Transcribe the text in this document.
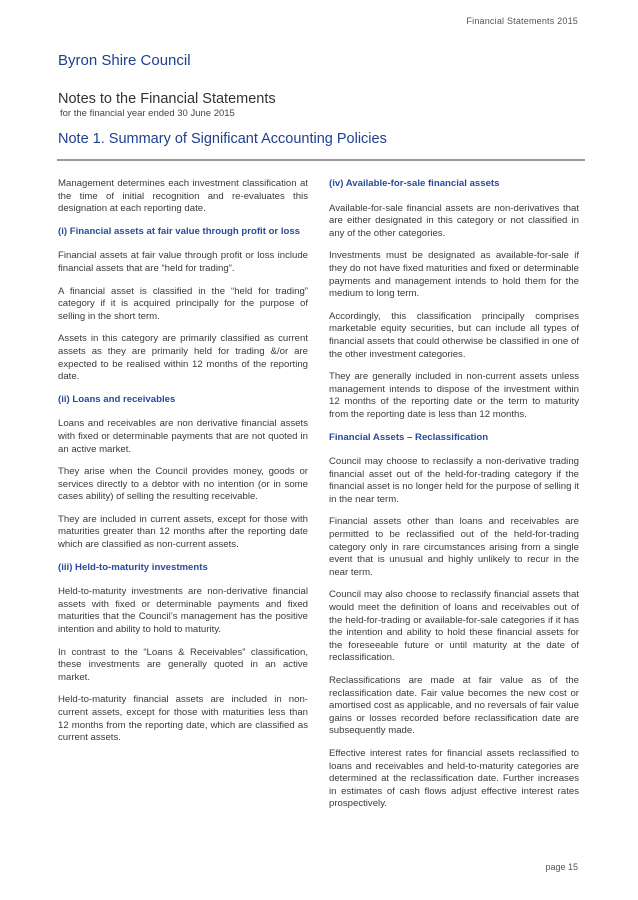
Financial Statements 2015
Byron Shire Council
Notes to the Financial Statements
for the financial year ended 30 June 2015
Note 1. Summary of Significant Accounting Policies

Management determines each investment classification at the time of initial recognition and re-evaluates this designation at each reporting date.

(i) Financial assets at fair value through profit or loss

Financial assets at fair value through profit or loss include financial assets that are “held for trading”.

A financial asset is classified in the “held for trading” category if it is acquired principally for the purpose of selling in the short term.

Assets in this category are primarily classified as current assets as they are primarily held for trading &/or are expected to be realised within 12 months of the reporting date.

(ii) Loans and receivables

Loans and receivables are non derivative financial assets with fixed or determinable payments that are not quoted in an active market.

They arise when the Council provides money, goods or services directly to a debtor with no intention (or in some cases ability) of selling the resulting receivable.

They are included in current assets, except for those with maturities greater than 12 months after the reporting date which are classified as non-current assets.

(iii) Held-to-maturity investments

Held-to-maturity investments are non-derivative financial assets with fixed or determinable payments and fixed maturities that the Council’s management has the positive intention and ability to hold to maturity.

In contrast to the “Loans & Receivables” classification, these investments are generally quoted in an active market.

Held-to-maturity financial assets are included in non-current assets, except for those with maturities less than 12 months from the reporting date, which are classified as current assets.

(iv) Available-for-sale financial assets

Available-for-sale financial assets are non-derivatives that are either designated in this category or not classified in any of the other categories.

Investments must be designated as available-for-sale if they do not have fixed maturities and fixed or determinable payments and management intends to hold them for the medium to long term.

Accordingly, this classification principally comprises marketable equity securities, but can include all types of financial assets that could otherwise be classified in one of the other investment categories.

They are generally included in non-current assets unless management intends to dispose of the investment within 12 months of the reporting date or the term to maturity from the reporting date is less than 12 months.

Financial Assets – Reclassification

Council may choose to reclassify a non-derivative trading financial asset out of the held-for-trading category if the financial asset is no longer held for the purpose of selling it in the near term.

Financial assets other than loans and receivables are permitted to be reclassified out of the held-for-trading category only in rare circumstances arising from a single event that is unusual and highly unlikely to recur in the near term.

Council may also choose to reclassify financial assets that would meet the definition of loans and receivables out of the held-for-trading or available-for-sale categories if it has the intention and ability to hold these financial assets for the foreseeable future or until maturity at the date of reclassification.

Reclassifications are made at fair value as of the reclassification date. Fair value becomes the new cost or amortised cost as applicable, and no reversals of fair value gains or losses recorded before reclassification date are subsequently made.

Effective interest rates for financial assets reclassified to loans and receivables and held-to-maturity categories are determined at the reclassification date. Further increases in estimates of cash flows adjust effective interest rates prospectively.

page 15
